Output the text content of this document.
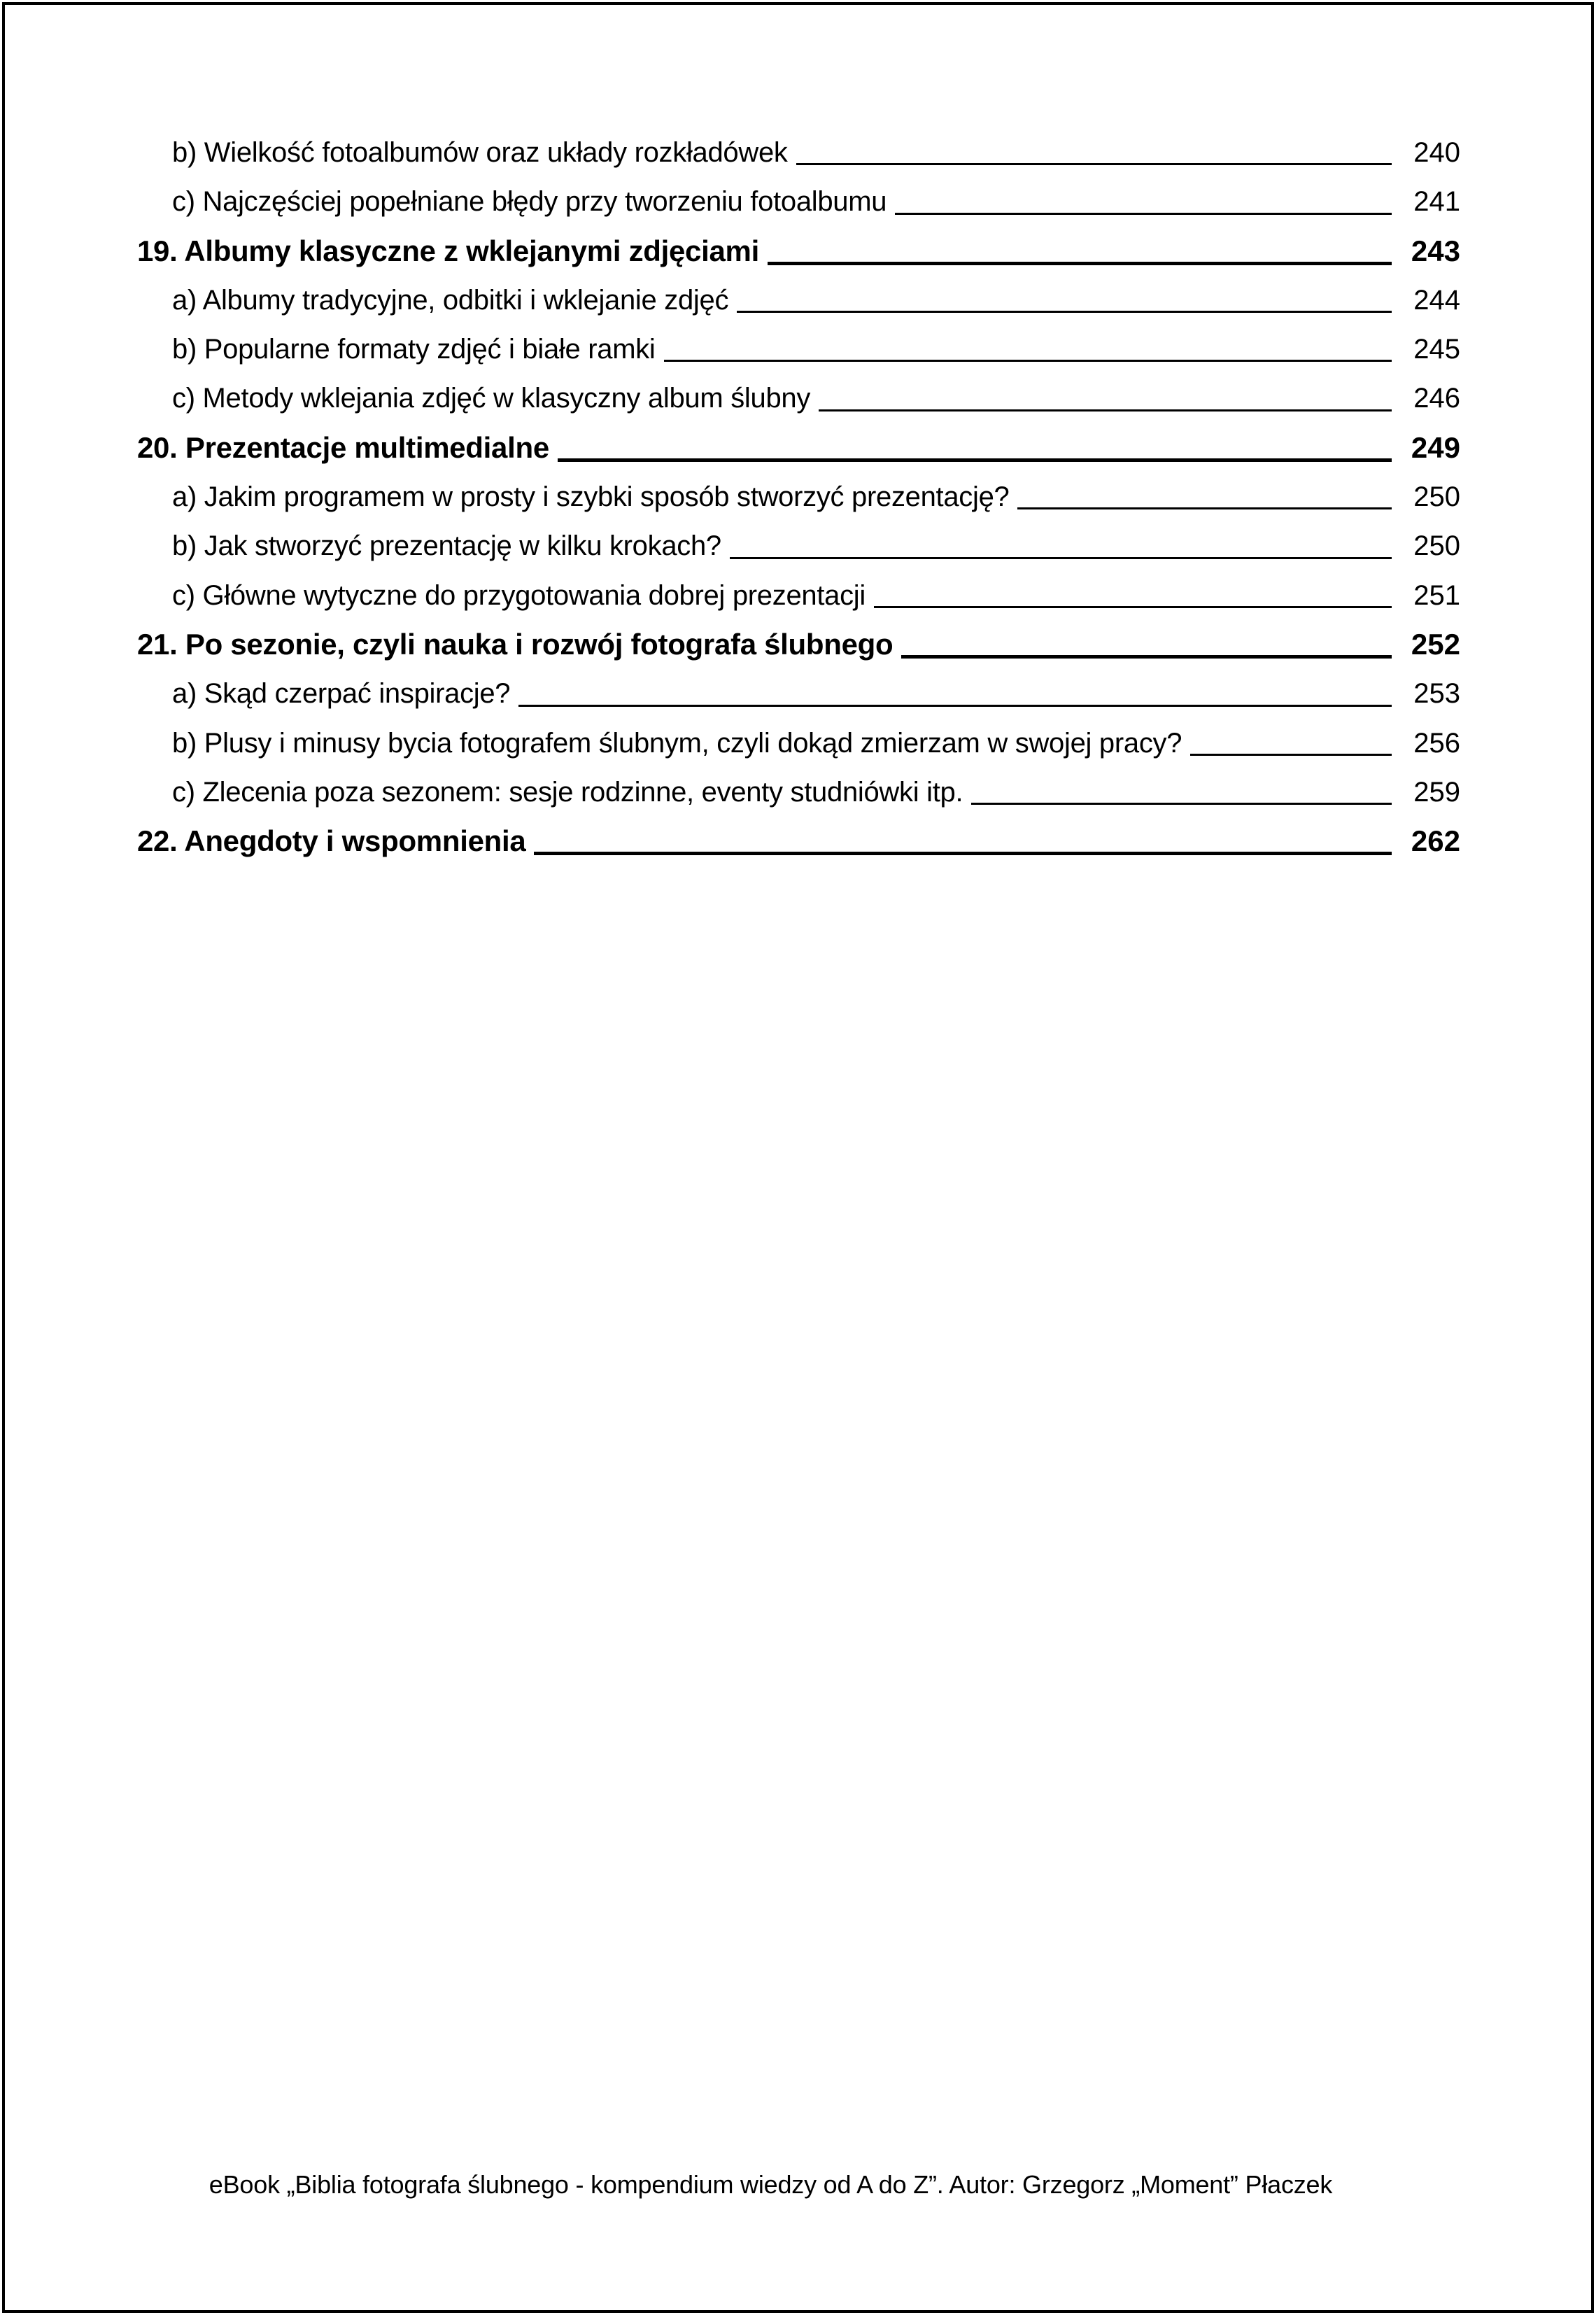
b) Wielkość fotoalbumów oraz układy rozkładówek	240
c) Najczęściej popełniane błędy przy tworzeniu fotoalbumu	241
19. Albumy klasyczne z wklejanymi zdjęciami	243
a) Albumy tradycyjne, odbitki i wklejanie zdjęć	244
b) Popularne formaty zdjęć i białe ramki	245
c) Metody wklejania zdjęć w klasyczny album ślubny	246
20. Prezentacje multimedialne	249
a) Jakim programem w prosty i szybki sposób stworzyć prezentację?	250
b) Jak stworzyć prezentację w kilku krokach?	250
c) Główne wytyczne do przygotowania dobrej prezentacji	251
21. Po sezonie, czyli nauka i rozwój fotografa ślubnego	252
a) Skąd czerpać inspiracje?	253
b) Plusy i minusy bycia fotografem ślubnym, czyli dokąd zmierzam w swojej pracy?	256
c) Zlecenia poza sezonem: sesje rodzinne, eventy studniówki itp.	259
22. Anegdoty i wspomnienia	262
eBook „Biblia fotografa ślubnego - kompendium wiedzy od A do Z”. Autor: Grzegorz „Moment” Płaczek
